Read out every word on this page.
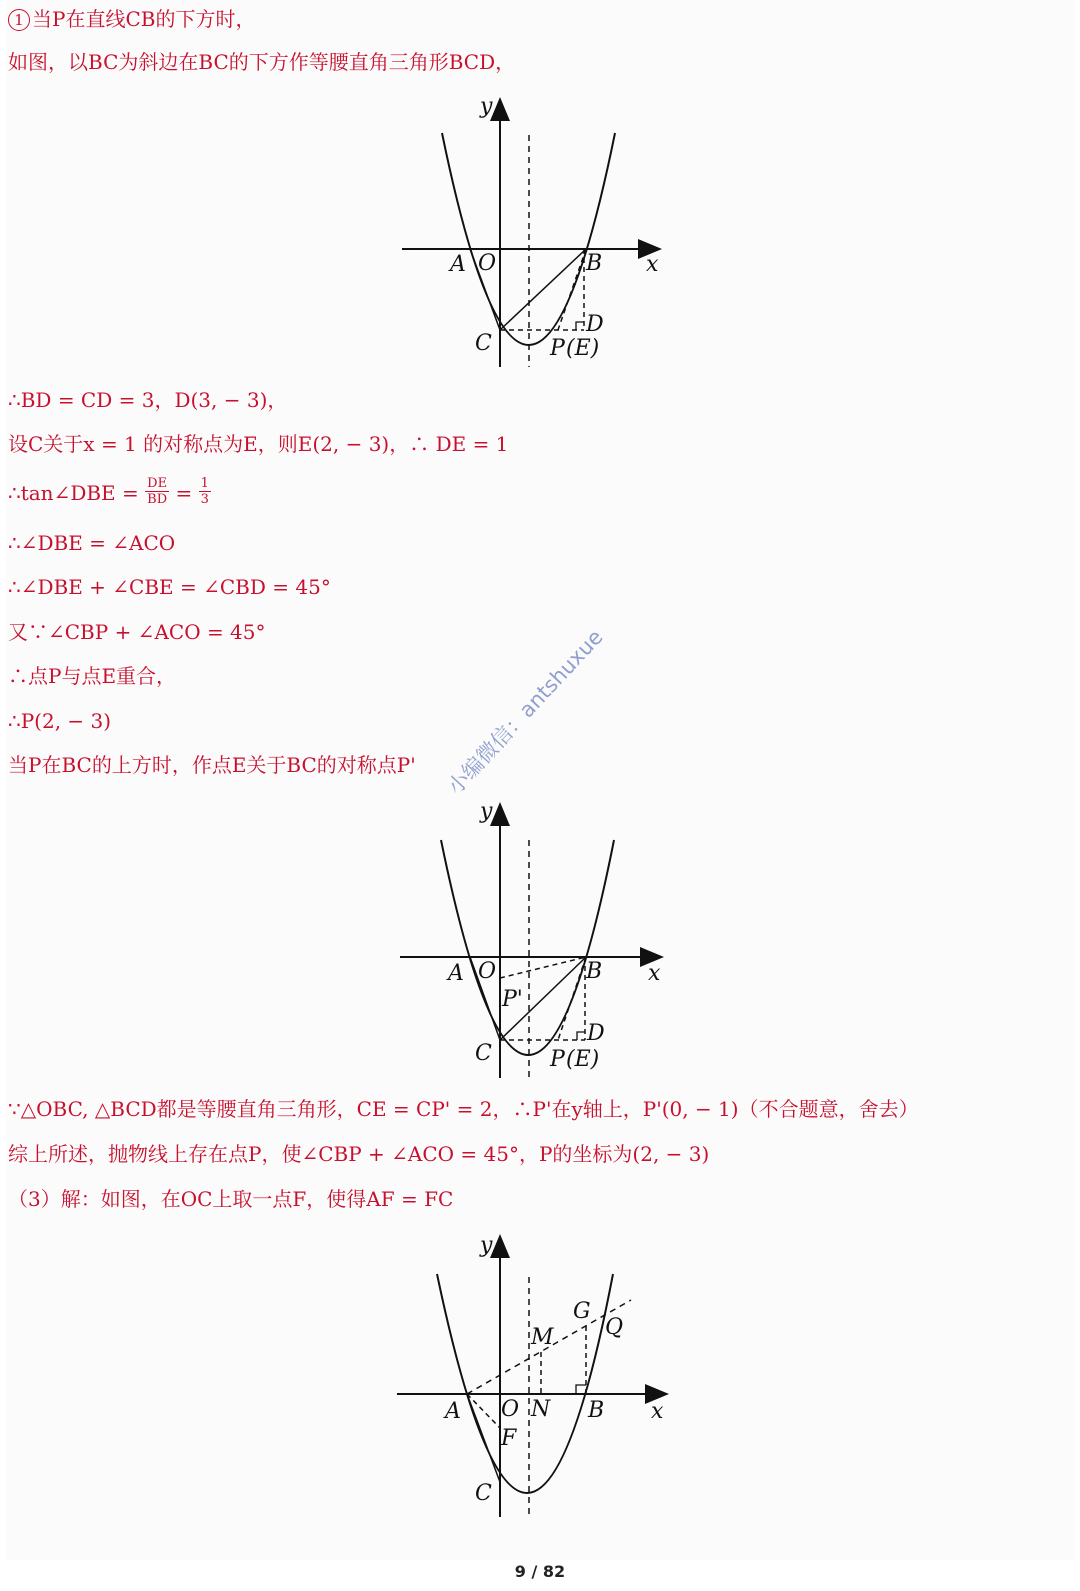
1 当P在直线CB的下方时，
如图，以BC为斜边在BC的下方作等腰直角三角形BCD，
y
x
A O	B
C
D
P (E)
∴BD = CD = 3，D(3, − 3)，
设C关于x = 1 的对称点为E，则E(2, − 3)，∴ DE = 1
∴tan∠DBE = $\frac{DE}{BD} = \frac{1}{3}$
∴∠DBE = ∠ACO
∴∠DBE + ∠CBE = ∠CBD = 45°
又∵∠CBP + ∠ACO = 45°
∴点P与点E重合，
∴P(2, − 3)
当P在BC的上方时，作点E关于BC的对称点P'
y
x
A O	B
P'
C
D
P (E)
小编微信：antshuxue
∵△OBC, △BCD都是等腰直角三角形，CE = CP' = 2，∴P'在y轴上，P'(0, − 1)（不合题意，舍去）
综上所述，抛物线上存在点P，使∠CBP + ∠ACO = 45°，P的坐标为(2, − 3)
（3）解：如图，在OC上取一点F，使得AF = FC
y
x
A O N B
F
C
M
G
Q
9 / 82
